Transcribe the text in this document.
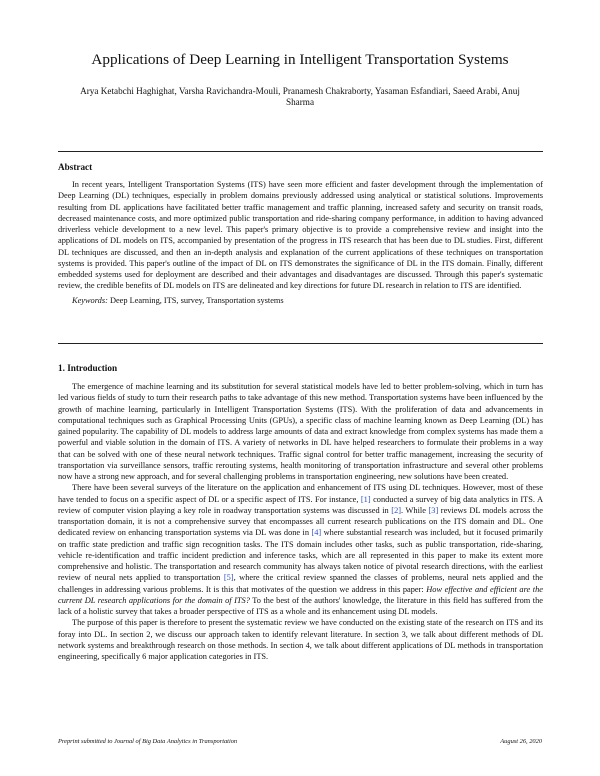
Applications of Deep Learning in Intelligent Transportation Systems
Arya Ketabchi Haghighat, Varsha Ravichandra-Mouli, Pranamesh Chakraborty, Yasaman Esfandiari, Saeed Arabi, Anuj Sharma
Abstract

In recent years, Intelligent Transportation Systems (ITS) have seen more efficient and faster development through the implementation of Deep Learning (DL) techniques, especially in problem domains previously addressed using analytical or statistical solutions. Improvements resulting from DL applications have facilitated better traffic management and traffic planning, increased safety and security on transit roads, decreased maintenance costs, and more optimized public transportation and ride-sharing company performance, in addition to having advanced driverless vehicle development to a new level. This paper's primary objective is to provide a comprehensive review and insight into the applications of DL models on ITS, accompanied by presentation of the progress in ITS research that has been due to DL studies. First, different DL techniques are discussed, and then an in-depth analysis and explanation of the current applications of these techniques on transportation systems is provided. This paper's outline of the impact of DL on ITS demonstrates the significance of DL in the ITS domain. Finally, different embedded systems used for deployment are described and their advantages and disadvantages are discussed. Through this paper's systematic review, the credible benefits of DL models on ITS are delineated and key directions for future DL research in relation to ITS are identified.

Keywords: Deep Learning, ITS, survey, Transportation systems
1. Introduction

The emergence of machine learning and its substitution for several statistical models have led to better problem-solving, which in turn has led various fields of study to turn their research paths to take advantage of this new method. Transportation systems have been influenced by the growth of machine learning, particularly in Intelligent Transportation Systems (ITS). With the proliferation of data and advancements in computational techniques such as Graphical Processing Units (GPUs), a specific class of machine learning known as Deep Learning (DL) has gained popularity. The capability of DL models to address large amounts of data and extract knowledge from complex systems has made them a powerful and viable solution in the domain of ITS. A variety of networks in DL have helped researchers to formulate their problems in a way that can be solved with one of these neural network techniques. Traffic signal control for better traffic management, increasing the security of transportation via surveillance sensors, traffic rerouting systems, health monitoring of transportation infrastructure and several other problems now have a strong new approach, and for several challenging problems in transportation engineering, new solutions have been created.

There have been several surveys of the literature on the application and enhancement of ITS using DL techniques. However, most of these have tended to focus on a specific aspect of DL or a specific aspect of ITS. For instance, [1] conducted a survey of big data analytics in ITS. A review of computer vision playing a key role in roadway transportation systems was discussed in [2]. While [3] reviews DL models across the transportation domain, it is not a comprehensive survey that encompasses all current research publications on the ITS domain and DL. One dedicated review on enhancing transportation systems via DL was done in [4] where substantial research was included, but it focused primarily on traffic state prediction and traffic sign recognition tasks. The ITS domain includes other tasks, such as public transportation, ride-sharing, vehicle re-identification and traffic incident prediction and inference tasks, which are all represented in this paper to make its extent more comprehensive and holistic. The transportation and research community has always taken notice of pivotal research directions, with the earliest review of neural nets applied to transportation [5], where the critical review spanned the classes of problems, neural nets applied and the challenges in addressing various problems. It is this that motivates of the question we address in this paper: How effective and efficient are the current DL research applications for the domain of ITS? To the best of the authors' knowledge, the literature in this field has suffered from the lack of a holistic survey that takes a broader perspective of ITS as a whole and its enhancement using DL models.

The purpose of this paper is therefore to present the systematic review we have conducted on the existing state of the research on ITS and its foray into DL. In section 2, we discuss our approach taken to identify relevant literature. In section 3, we talk about different methods of DL network systems and breakthrough research on those methods. In section 4, we talk about different applications of DL methods in transportation engineering, specifically 6 major application categories in ITS.

Preprint submitted to Journal of Big Data Analytics in Transportation	August 26, 2020
